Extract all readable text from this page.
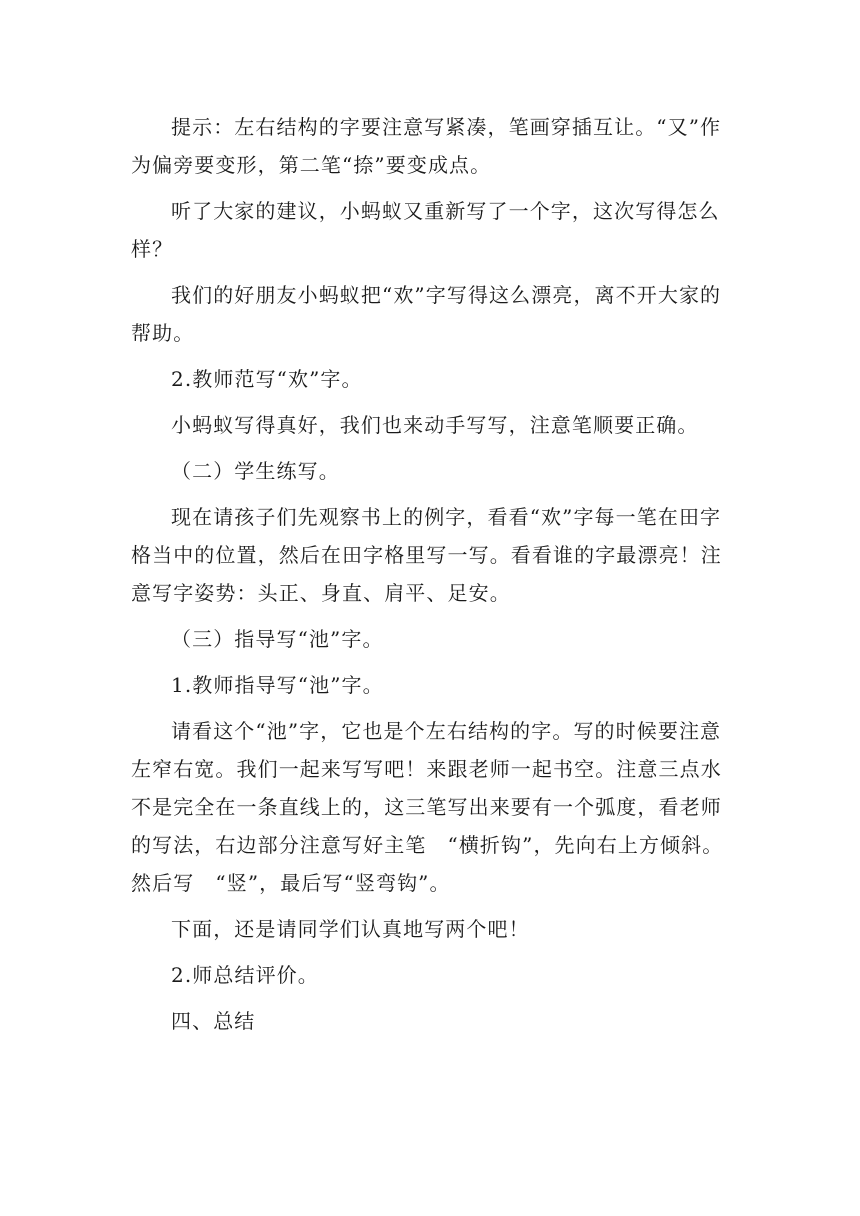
提示：左右结构的字要注意写紧凑，笔画穿插互让。“又”作为偏旁要变形，第二笔“捺”要变成点。

听了大家的建议，小蚂蚁又重新写了一个字，这次写得怎么样？

我们的好朋友小蚂蚁把“欢”字写得这么漂亮，离不开大家的帮助。

2.教师范写“欢”字。

小蚂蚁写得真好，我们也来动手写写，注意笔顺要正确。

（二）学生练写。

现在请孩子们先观察书上的例字，看看“欢”字每一笔在田字格当中的位置，然后在田字格里写一写。看看谁的字最漂亮！注意写字姿势：头正、身直、肩平、足安。

（三）指导写“池”字。

1.教师指导写“池”字。

请看这个“池”字，它也是个左右结构的字。写的时候要注意左窄右宽。我们一起来写写吧！来跟老师一起书空。注意三点水不是完全在一条直线上的，这三笔写出来要有一个弧度，看老师的写法，右边部分注意写好主笔　“横折钩”，先向右上方倾斜。然后写　“竖”，最后写“竖弯钩”。

下面，还是请同学们认真地写两个吧！

2.师总结评价。

四、总结
